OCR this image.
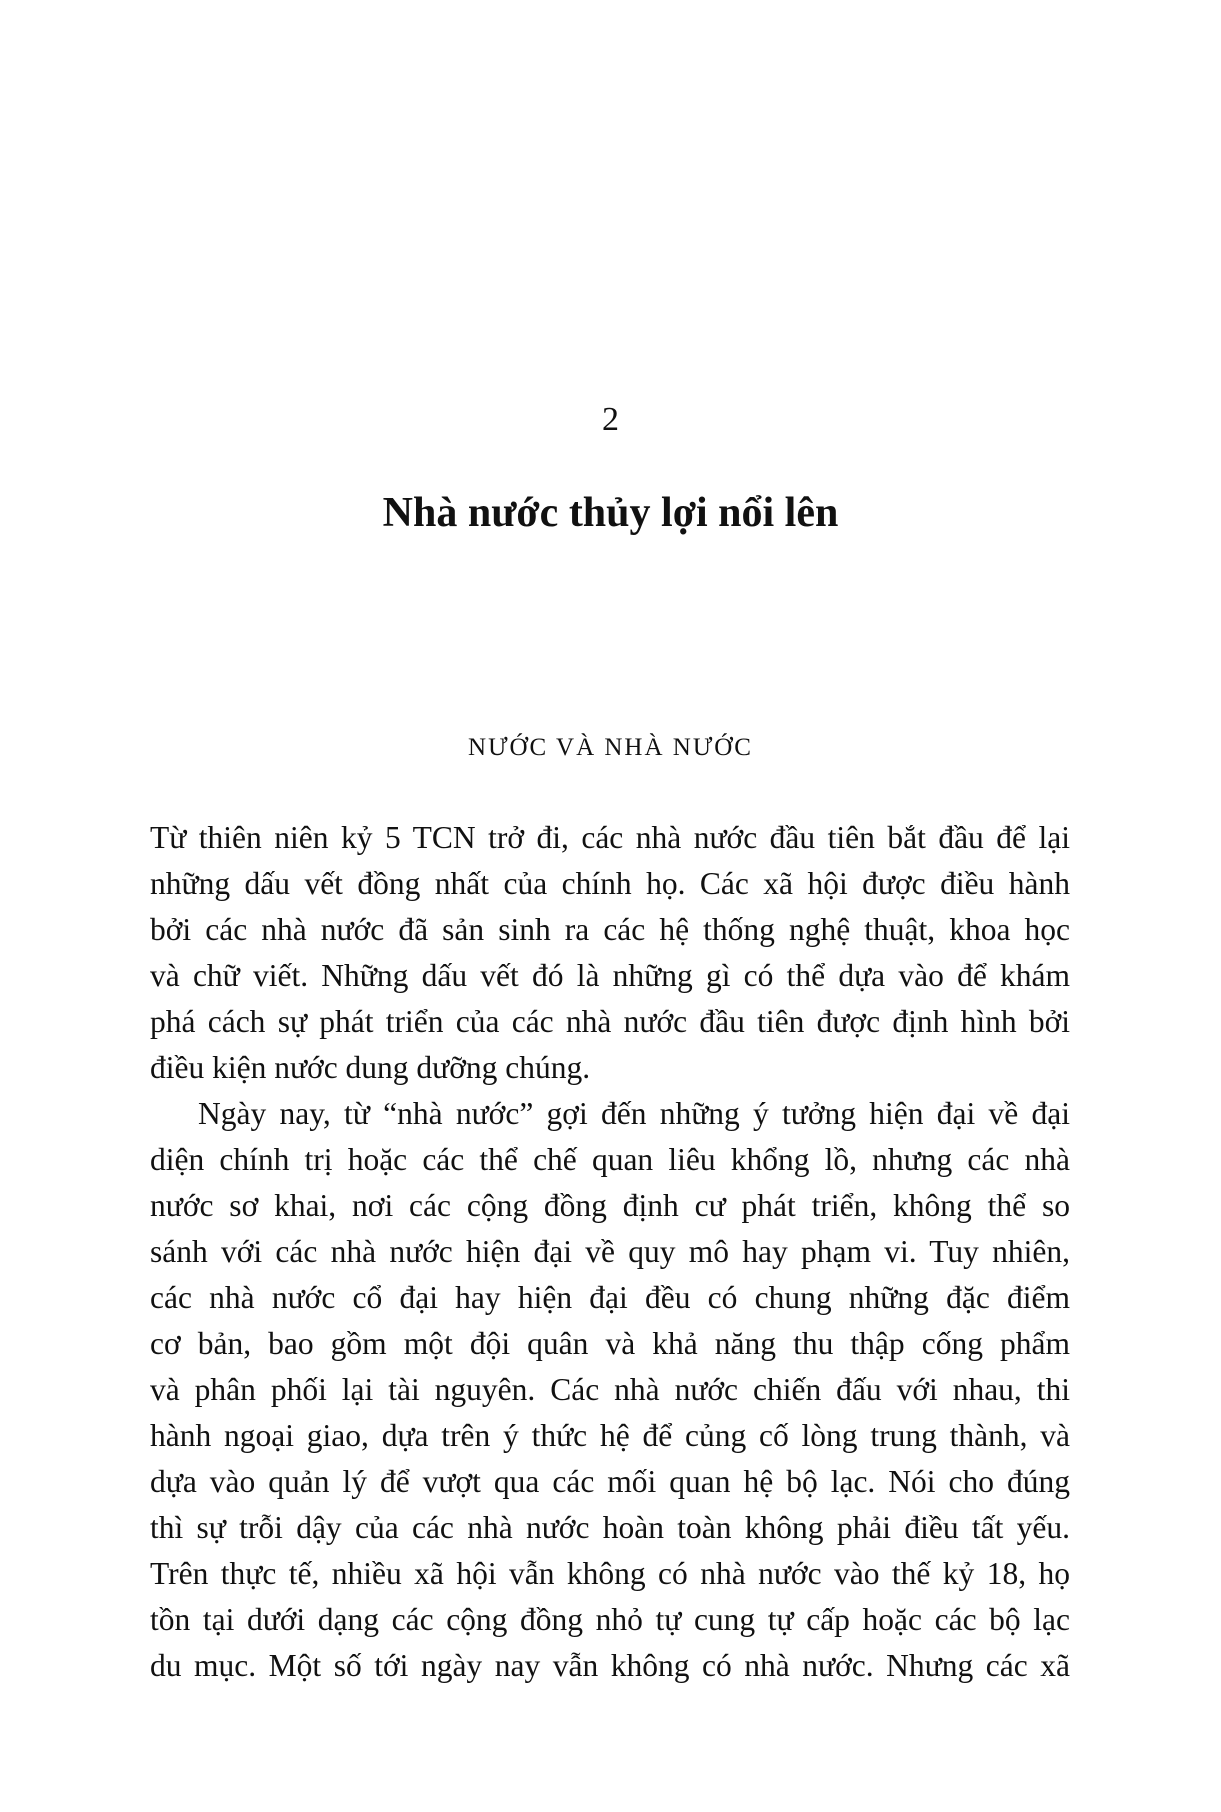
2
Nhà nước thủy lợi nổi lên
NƯỚC VÀ NHÀ NƯỚC
Từ thiên niên kỷ 5 TCN trở đi, các nhà nước đầu tiên bắt đầu để lại
những dấu vết đồng nhất của chính họ. Các xã hội được điều hành
bởi các nhà nước đã sản sinh ra các hệ thống nghệ thuật, khoa học
và chữ viết. Những dấu vết đó là những gì có thể dựa vào để khám
phá cách sự phát triển của các nhà nước đầu tiên được định hình bởi
điều kiện nước dung dưỡng chúng.
Ngày nay, từ “nhà nước” gợi đến những ý tưởng hiện đại về đại
diện chính trị hoặc các thể chế quan liêu khổng lồ, nhưng các nhà
nước sơ khai, nơi các cộng đồng định cư phát triển, không thể so
sánh với các nhà nước hiện đại về quy mô hay phạm vi. Tuy nhiên,
các nhà nước cổ đại hay hiện đại đều có chung những đặc điểm
cơ bản, bao gồm một đội quân và khả năng thu thập cống phẩm
và phân phối lại tài nguyên. Các nhà nước chiến đấu với nhau, thi
hành ngoại giao, dựa trên ý thức hệ để củng cố lòng trung thành, và
dựa vào quản lý để vượt qua các mối quan hệ bộ lạc. Nói cho đúng
thì sự trỗi dậy của các nhà nước hoàn toàn không phải điều tất yếu.
Trên thực tế, nhiều xã hội vẫn không có nhà nước vào thế kỷ 18, họ
tồn tại dưới dạng các cộng đồng nhỏ tự cung tự cấp hoặc các bộ lạc
du mục. Một số tới ngày nay vẫn không có nhà nước. Nhưng các xã
